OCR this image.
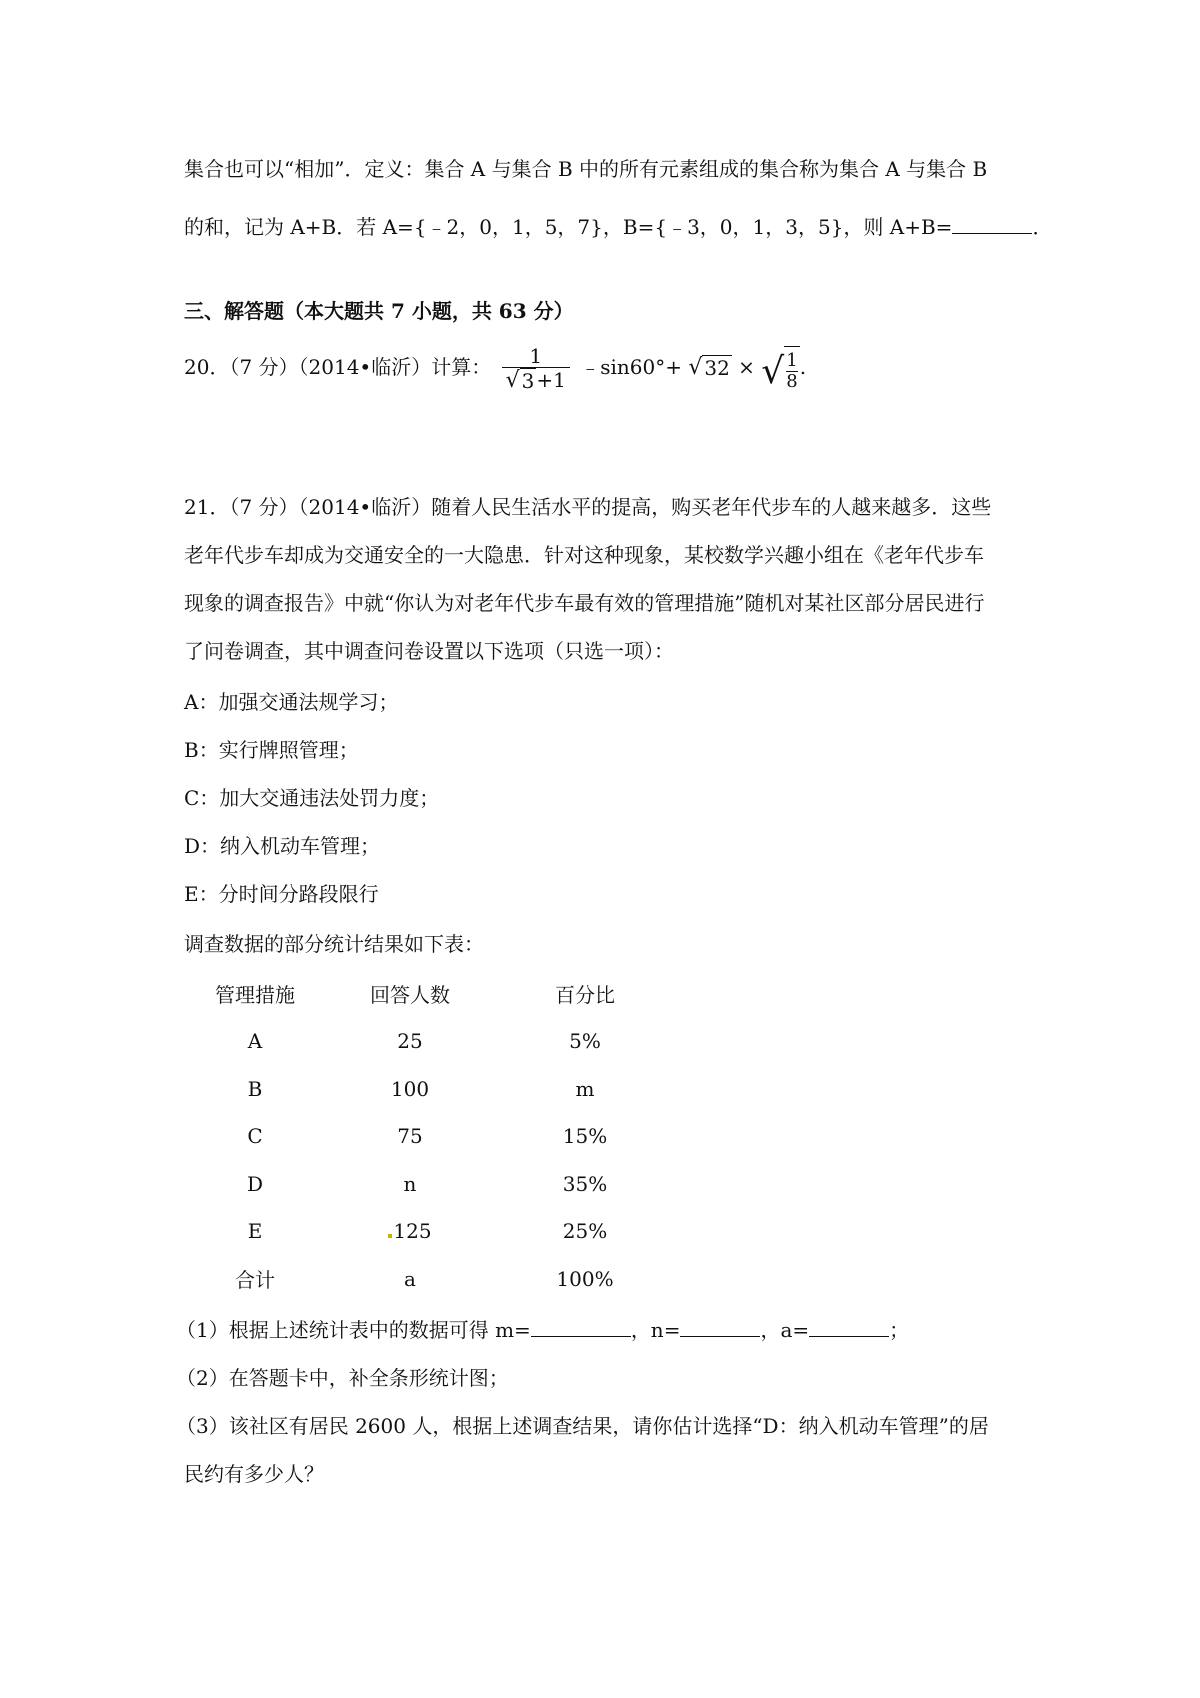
集合也可以“相加”．定义：集合 A 与集合 B 中的所有元素组成的集合称为集合 A 与集合 B
的和，记为 A+B．若 A={﹣2，0，1，5，7}，B={﹣3，0，1，3，5}，则 A+B=	．
三、解答题（本大题共 7 小题，共 63 分）
20．（7 分）（2014•临沂）计算： $\frac{1}{√ 3 +1}$ ﹣sin60°+ √ 32 × √ $\frac{1}{8}$ .
21．（7 分）（2014•临沂）随着人民生活水平的提高，购买老年代步车的人越来越多．这些
老年代步车却成为交通安全的一大隐患．针对这种现象，某校数学兴趣小组在《老年代步车
现象的调查报告》中就“你认为对老年代步车最有效的管理措施”随机对某社区部分居民进行
了问卷调查，其中调查问卷设置以下选项（只选一项）：
A：加强交通法规学习；
B：实行牌照管理；
C：加大交通违法处罚力度；
D：纳入机动车管理；
E：分时间分路段限行
调查数据的部分统计结果如下表：
管理措施	回答人数	百分比
A	25	5%
B	100	m
C	75	15%
D	n	35%
E	125	25%
合计	a	100%
（1）根据上述统计表中的数据可得 m=	，n=	，a=	；
（2）在答题卡中，补全条形统计图；
（3）该社区有居民 2600 人，根据上述调查结果，请你估计选择“D：纳入机动车管理”的居
民约有多少人？
